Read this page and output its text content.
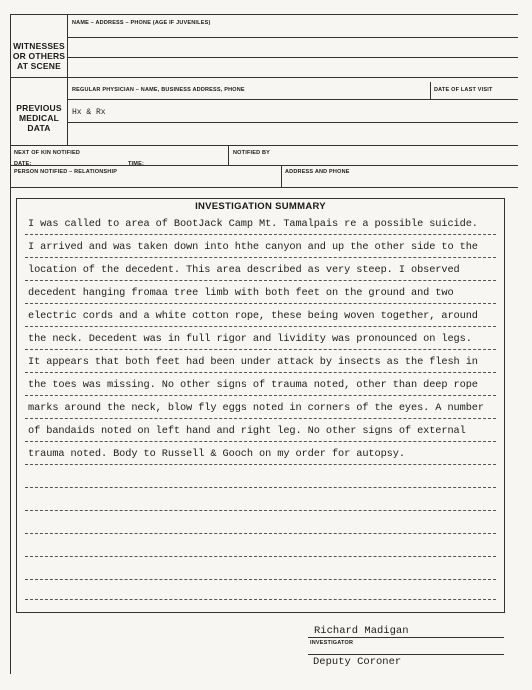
WITNESSES
OR OTHERS
AT SCENE
NAME – ADDRESS – PHONE (AGE IF JUVENILES)
PREVIOUS
MEDICAL
DATA
REGULAR PHYSICIAN – NAME, BUSINESS ADDRESS, PHONE	DATE OF LAST VISIT
Hx & Rx
NEXT OF KIN NOTIFIED	NOTIFIED BY
DATE:	TIME:
PERSON NOTIFIED – RELATIONSHIP	ADDRESS AND PHONE
INVESTIGATION SUMMARY
I was called to area of BootJack Camp Mt. Tamalpais re a possible suicide.
I arrived and was taken down into hthe canyon and up the other side to the
location of the decedent. This area described as very steep. I observed
decedent hanging fromaa tree limb with both feet on the ground and two
electric cords and a white cotton rope, these being woven together, around
the neck. Decedent was in full rigor and lividity was pronounced on legs.
It appears that both feet had been under attack by insects as the flesh in
the toes was missing. No other signs of trauma noted, other than deep rope
marks around the neck, blow fly eggs noted in corners of the eyes. A number
of bandaids noted on left hand and right leg. No other signs of external
trauma noted. Body to Russell & Gooch on my order for autopsy.
Richard Madigan
INVESTIGATOR
Deputy Coroner
